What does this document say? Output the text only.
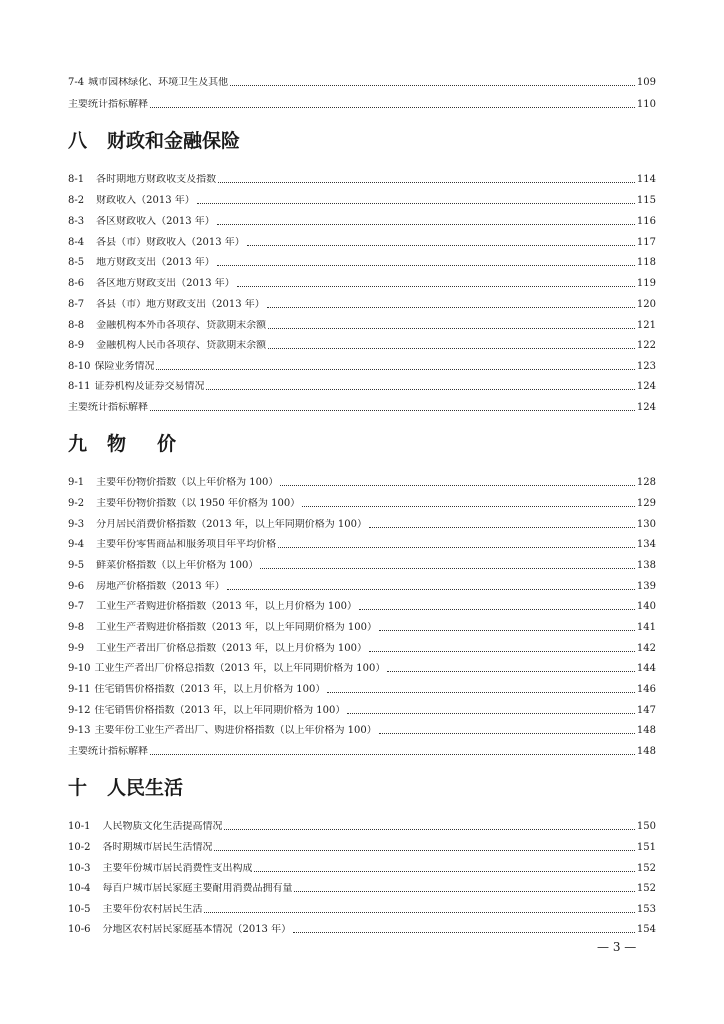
7-4 城市园林绿化、环境卫生及其他	109
主要统计指标解释	110
八 财政和金融保险
8-1 各时期地方财政收支及指数	114
8-2 财政收入（2013 年）	115
8-3 各区财政收入（2013 年）	116
8-4 各县（市）财政收入（2013 年）	117
8-5 地方财政支出（2013 年）	118
8-6 各区地方财政支出（2013 年）	119
8-7 各县（市）地方财政支出（2013 年）	120
8-8 金融机构本外币各项存、贷款期末余额	121
8-9 金融机构人民币各项存、贷款期末余额	122
8-10 保险业务情况	123
8-11 证券机构及证券交易情况	124
主要统计指标解释	124
九 物　价
9-1 主要年份物价指数（以上年价格为 100）	128
9-2 主要年份物价指数（以 1950 年价格为 100）	129
9-3 分月居民消费价格指数（2013 年，以上年同期价格为 100）	130
9-4 主要年份零售商品和服务项目年平均价格	134
9-5 鲜菜价格指数（以上年价格为 100）	138
9-6 房地产价格指数（2013 年）	139
9-7 工业生产者购进价格指数（2013 年，以上月价格为 100）	140
9-8 工业生产者购进价格指数（2013 年，以上年同期价格为 100）	141
9-9 工业生产者出厂价格总指数（2013 年，以上月价格为 100）	142
9-10 工业生产者出厂价格总指数（2013 年，以上年同期价格为 100）	144
9-11 住宅销售价格指数（2013 年，以上月价格为 100）	146
9-12 住宅销售价格指数（2013 年，以上年同期价格为 100）	147
9-13 主要年份工业生产者出厂、购进价格指数（以上年价格为 100）	148
主要统计指标解释	148
十 人民生活
10-1 人民物质文化生活提高情况	150
10-2 各时期城市居民生活情况	151
10-3 主要年份城市居民消费性支出构成	152
10-4 每百户城市居民家庭主要耐用消费品拥有量	152
10-5 主要年份农村居民生活	153
10-6 分地区农村居民家庭基本情况（2013 年）	154
— 3 —
